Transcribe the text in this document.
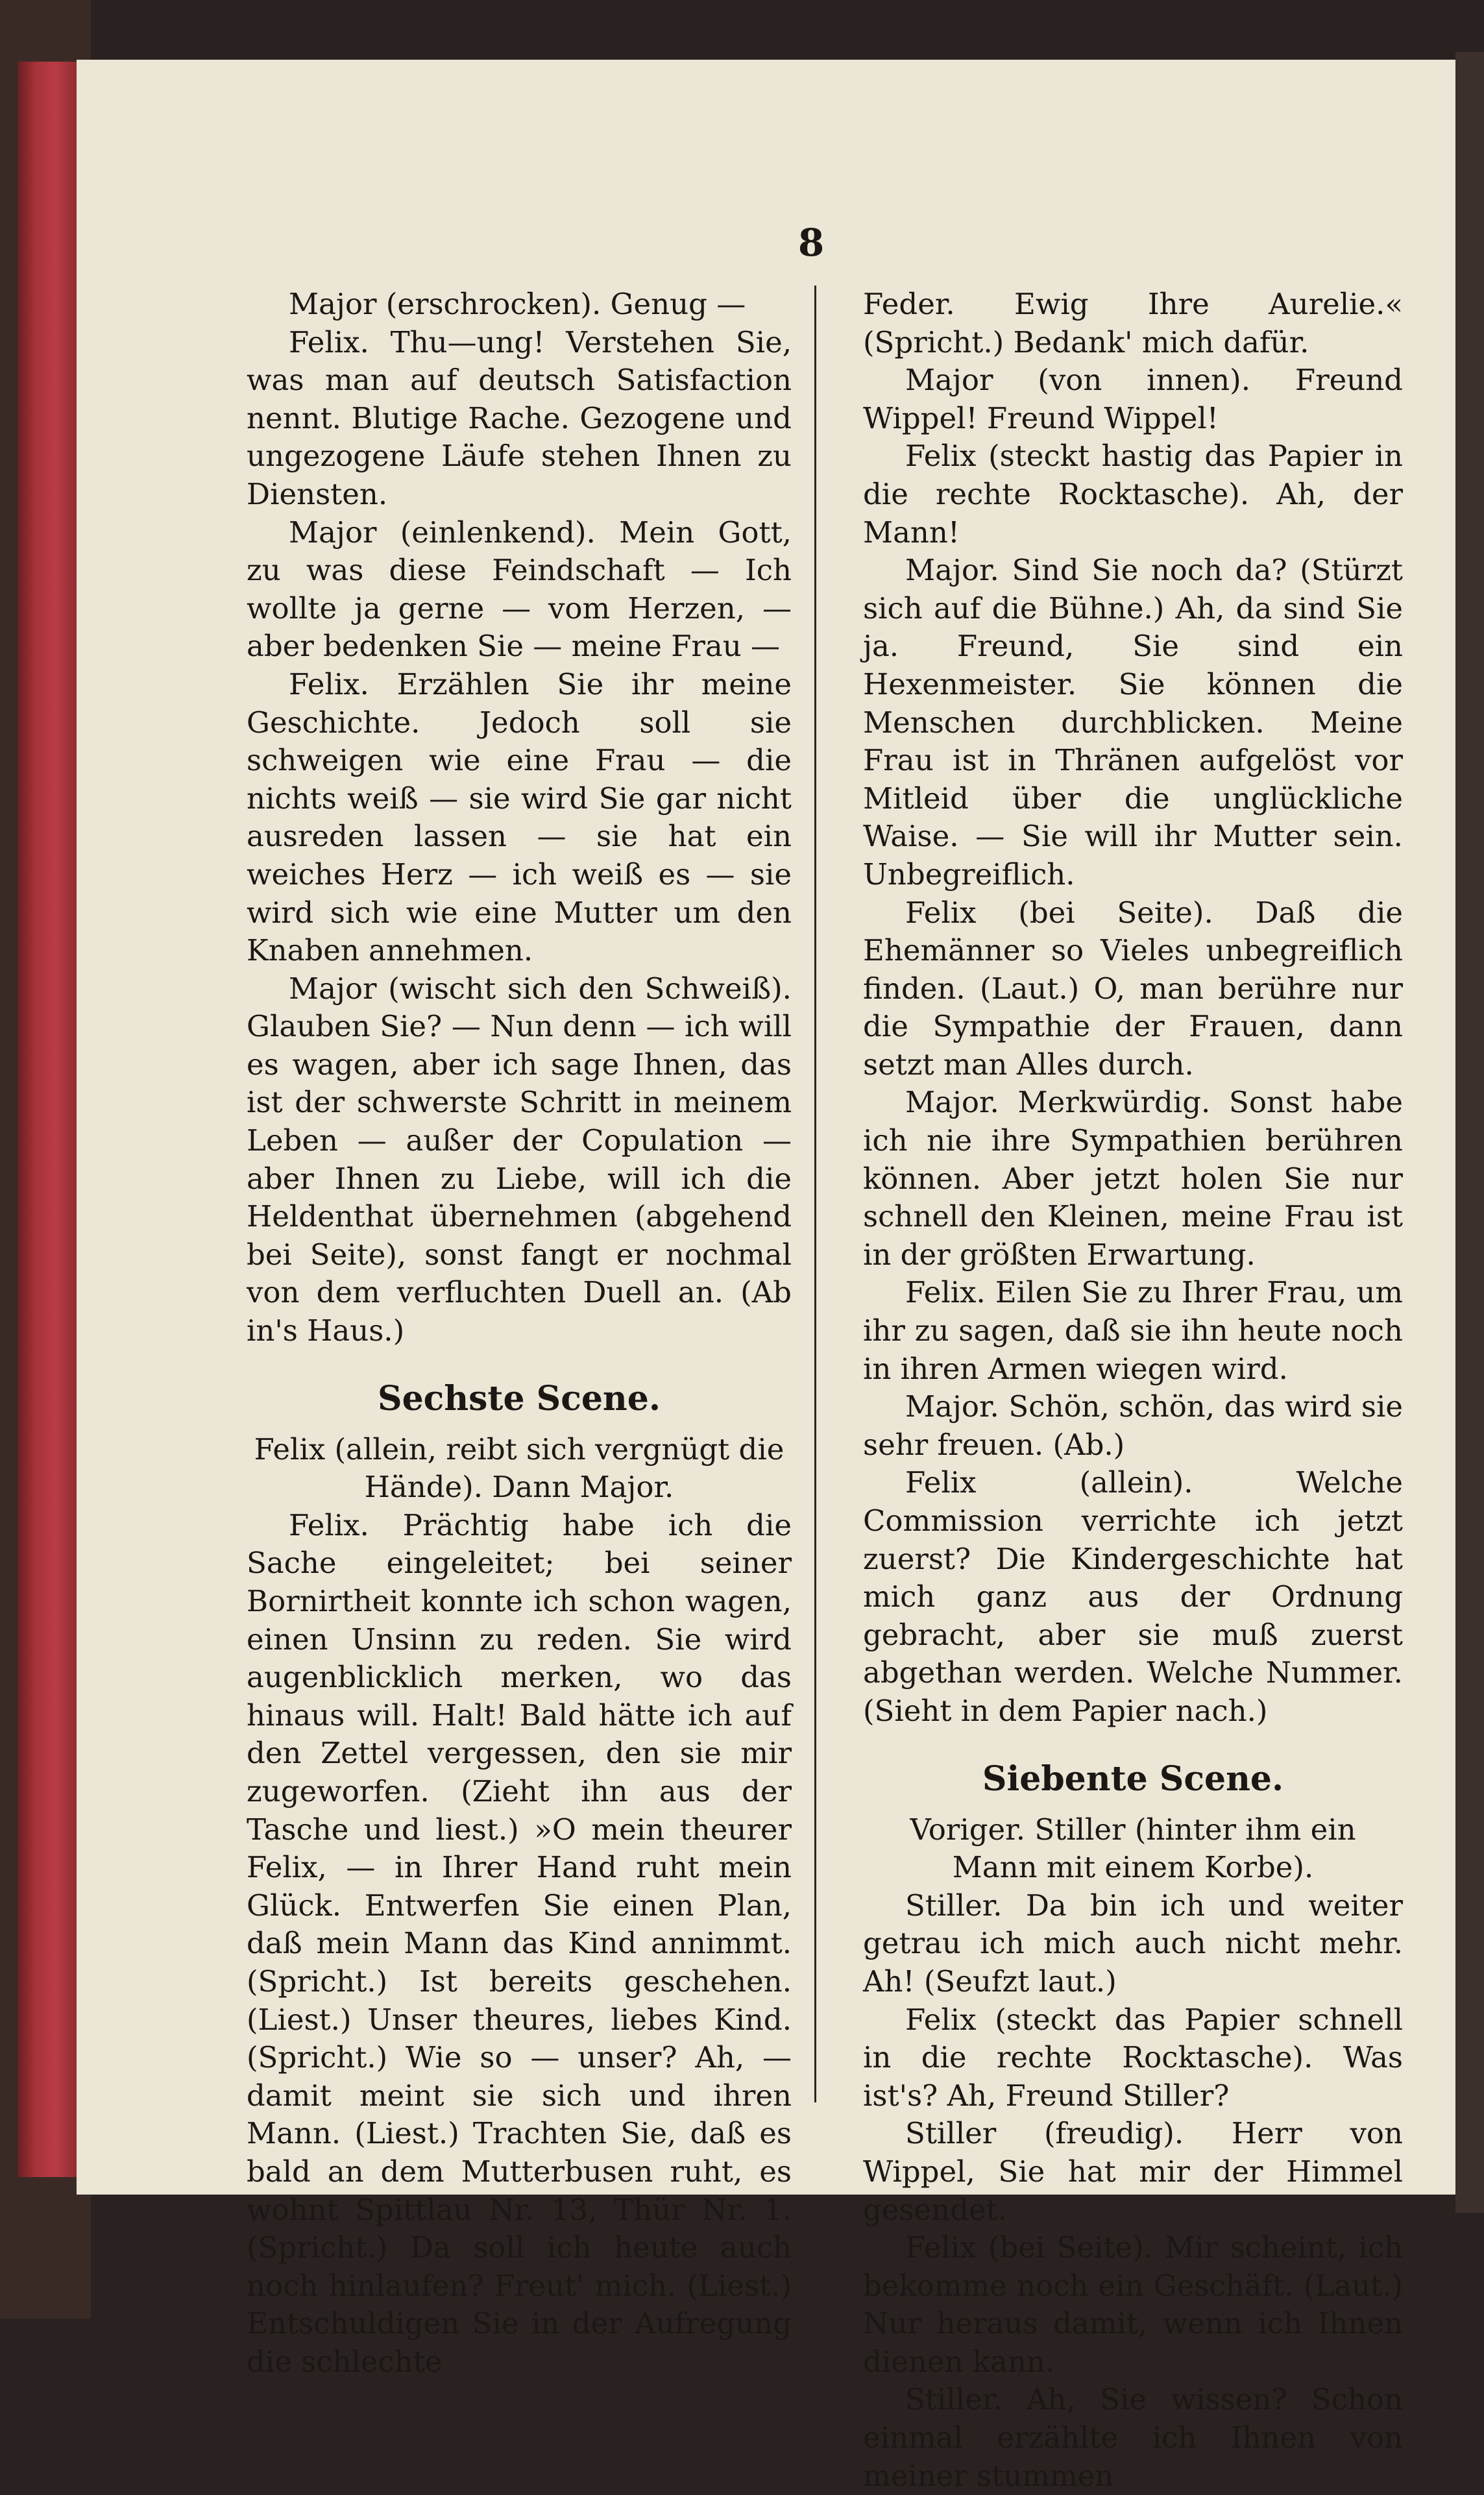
8

Major (erschrocken). Genug —

Felix. Thu—ung! Verstehen Sie, was man auf deutsch Satisfaction nennt. Blutige Rache. Gezogene und ungezogene Läufe stehen Ihnen zu Diensten.

Major (einlenkend). Mein Gott, zu was diese Feindschaft — Ich wollte ja gerne — vom Herzen, — aber bedenken Sie — meine Frau —

Felix. Erzählen Sie ihr meine Geschichte. Jedoch soll sie schweigen wie eine Frau — die nichts weiß — sie wird Sie gar nicht ausreden lassen — sie hat ein weiches Herz — ich weiß es — sie wird sich wie eine Mutter um den Knaben annehmen.

Major (wischt sich den Schweiß). Glauben Sie? — Nun denn — ich will es wagen, aber ich sage Ihnen, das ist der schwerste Schritt in meinem Leben — außer der Copulation — aber Ihnen zu Liebe, will ich die Heldenthat übernehmen (abgehend bei Seite), sonst fangt er nochmal von dem verfluchten Duell an. (Ab in's Haus.)

Sechste Scene.

Felix (allein, reibt sich vergnügt die Hände). Dann Major.

Felix. Prächtig habe ich die Sache eingeleitet; bei seiner Bornirtheit konnte ich schon wagen, einen Unsinn zu reden. Sie wird augenblicklich merken, wo das hinaus will. Halt! Bald hätte ich auf den Zettel vergessen, den sie mir zugeworfen. (Zieht ihn aus der Tasche und liest.) »O mein theurer Felix, — in Ihrer Hand ruht mein Glück. Entwerfen Sie einen Plan, daß mein Mann das Kind annimmt. (Spricht.) Ist bereits geschehen. (Liest.) Unser theures, liebes Kind. (Spricht.) Wie so — unser? Ah, — damit meint sie sich und ihren Mann. (Liest.) Trachten Sie, daß es bald an dem Mutterbusen ruht, es wohnt Spittlau Nr. 13, Thür Nr. 1. (Spricht.) Da soll ich heute auch noch hinlaufen? Freut' mich. (Liest.) Entschuldigen Sie in der Aufregung die schlechte

Feder. Ewig Ihre Aurelie.« (Spricht.) Bedank' mich dafür.

Major (von innen). Freund Wippel! Freund Wippel!

Felix (steckt hastig das Papier in die rechte Rocktasche). Ah, der Mann!

Major. Sind Sie noch da? (Stürzt sich auf die Bühne.) Ah, da sind Sie ja. Freund, Sie sind ein Hexenmeister. Sie können die Menschen durchblicken. Meine Frau ist in Thränen aufgelöst vor Mitleid über die unglückliche Waise. — Sie will ihr Mutter sein. Unbegreiflich.

Felix (bei Seite). Daß die Ehemänner so Vieles unbegreiflich finden. (Laut.) O, man berühre nur die Sympathie der Frauen, dann setzt man Alles durch.

Major. Merkwürdig. Sonst habe ich nie ihre Sympathien berühren können. Aber jetzt holen Sie nur schnell den Kleinen, meine Frau ist in der größten Erwartung.

Felix. Eilen Sie zu Ihrer Frau, um ihr zu sagen, daß sie ihn heute noch in ihren Armen wiegen wird.

Major. Schön, schön, das wird sie sehr freuen. (Ab.)

Felix (allein). Welche Commission verrichte ich jetzt zuerst? Die Kindergeschichte hat mich ganz aus der Ordnung gebracht, aber sie muß zuerst abgethan werden. Welche Nummer. (Sieht in dem Papier nach.)

Siebente Scene.

Voriger. Stiller (hinter ihm ein Mann mit einem Korbe).

Stiller. Da bin ich und weiter getrau ich mich auch nicht mehr. Ah! (Seufzt laut.)

Felix (steckt das Papier schnell in die rechte Rocktasche). Was ist's? Ah, Freund Stiller?

Stiller (freudig). Herr von Wippel, Sie hat mir der Himmel gesendet.

Felix (bei Seite). Mir scheint, ich bekomme noch ein Geschäft. (Laut.) Nur heraus damit, wenn ich Ihnen dienen kann.

Stiller. Ah, Sie wissen? Schon einmal erzählte ich Ihnen von meiner stummen
